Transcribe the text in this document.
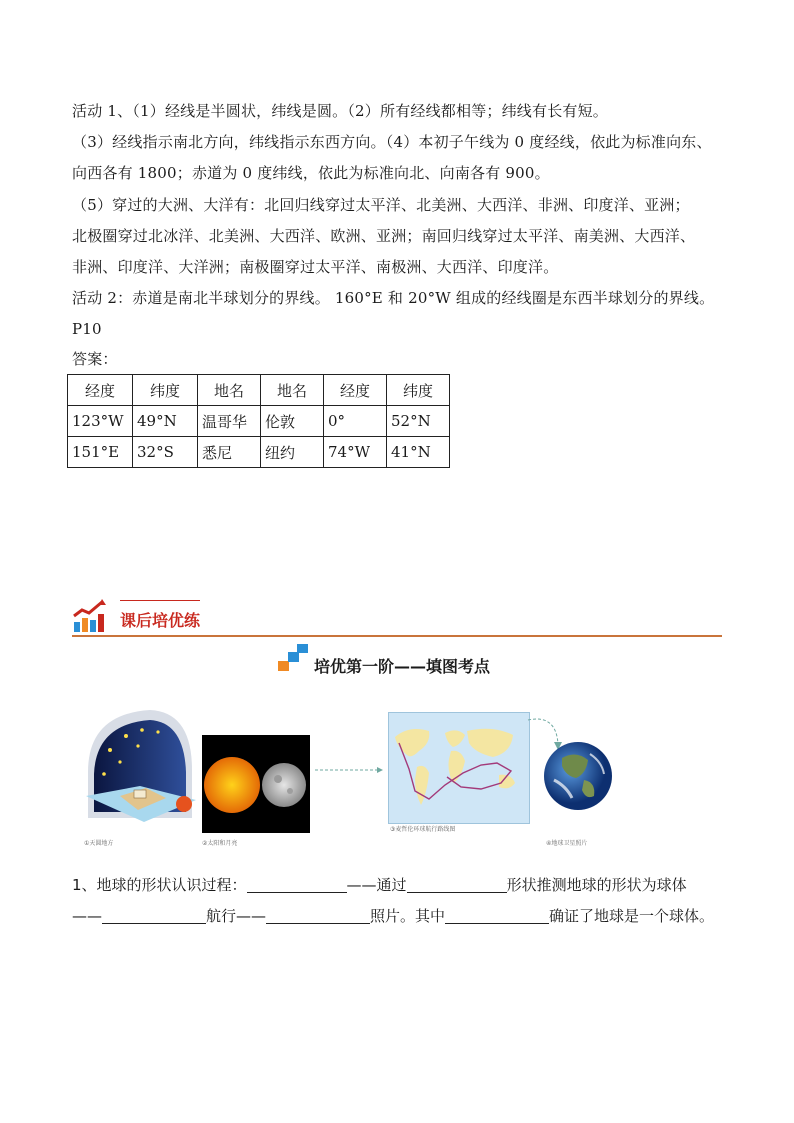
活动 1、（1）经线是半圆状，纬线是圆。（2）所有经线都相等；纬线有长有短。
（3）经线指示南北方向，纬线指示东西方向。（4）本初子午线为 0 度经线，依此为标准向东、
向西各有 1800；赤道为 0 度纬线，依此为标准向北、向南各有 900。
（5）穿过的大洲、大洋有：北回归线穿过太平洋、北美洲、大西洋、非洲、印度洋、亚洲；
北极圈穿过北冰洋、北美洲、大西洋、欧洲、亚洲；南回归线穿过太平洋、南美洲、大西洋、
非洲、印度洋、大洋洲；南极圈穿过太平洋、南极洲、大西洋、印度洋。
活动 2：赤道是南北半球划分的界线。 160°E 和 20°W 组成的经线圈是东西半球划分的界线。
P10
答案：
经度	纬度	地名	地名	经度	纬度
123°W	49°N	温哥华	伦敦	0°	52°N
151°E	32°S	悉尼	纽约	74°W	41°N
课后培优练
培优第一阶——填图考点
①天圆地方	②太阳和月亮
③麦哲伦环球航行路线图
④地球卫星照片
1、地球的形状认识过程：	——通过	形状推测地球的形状为球体
——	航行——	照片。其中	确证了地球是一个球体。
